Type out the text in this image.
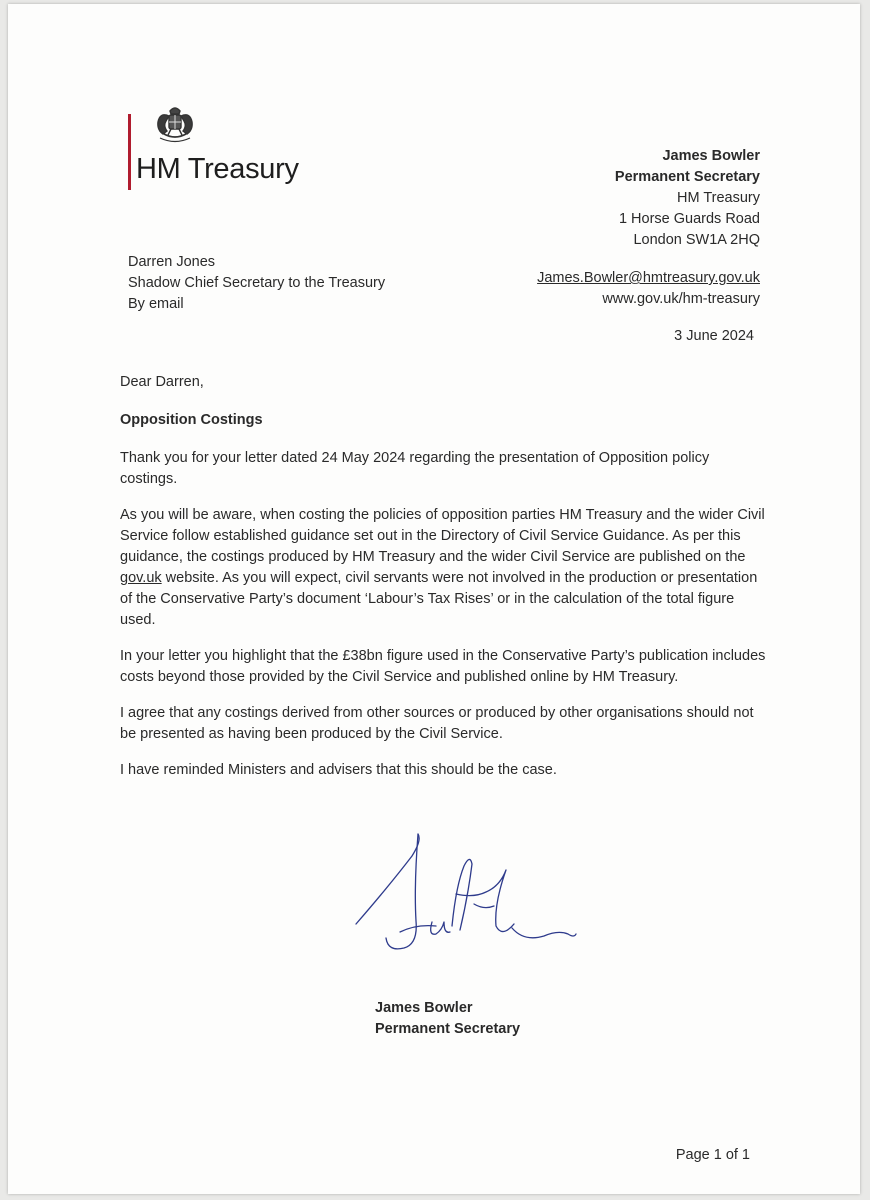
HM Treasury	James Bowler
Permanent Secretary
HM Treasury
1 Horse Guards Road
London SW1A 2HQ
James.Bowler@hmtreasury.gov.uk
www.gov.uk/hm-treasury
Darren Jones
Shadow Chief Secretary to the Treasury
By email
3 June 2024

Dear Darren,

Opposition Costings

Thank you for your letter dated 24 May 2024 regarding the presentation of Opposition policy costings.

As you will be aware, when costing the policies of opposition parties HM Treasury and the wider Civil Service follow established guidance set out in the Directory of Civil Service Guidance. As per this guidance, the costings produced by HM Treasury and the wider Civil Service are published on the gov.uk website. As you will expect, civil servants were not involved in the production or presentation of the Conservative Party’s document ‘Labour’s Tax Rises’ or in the calculation of the total figure used.

In your letter you highlight that the £38bn figure used in the Conservative Party’s publication includes costs beyond those provided by the Civil Service and published online by HM Treasury.

I agree that any costings derived from other sources or produced by other organisations should not be presented as having been produced by the Civil Service.

I have reminded Ministers and advisers that this should be the case.

James Bowler
Permanent Secretary
Page 1 of 1
